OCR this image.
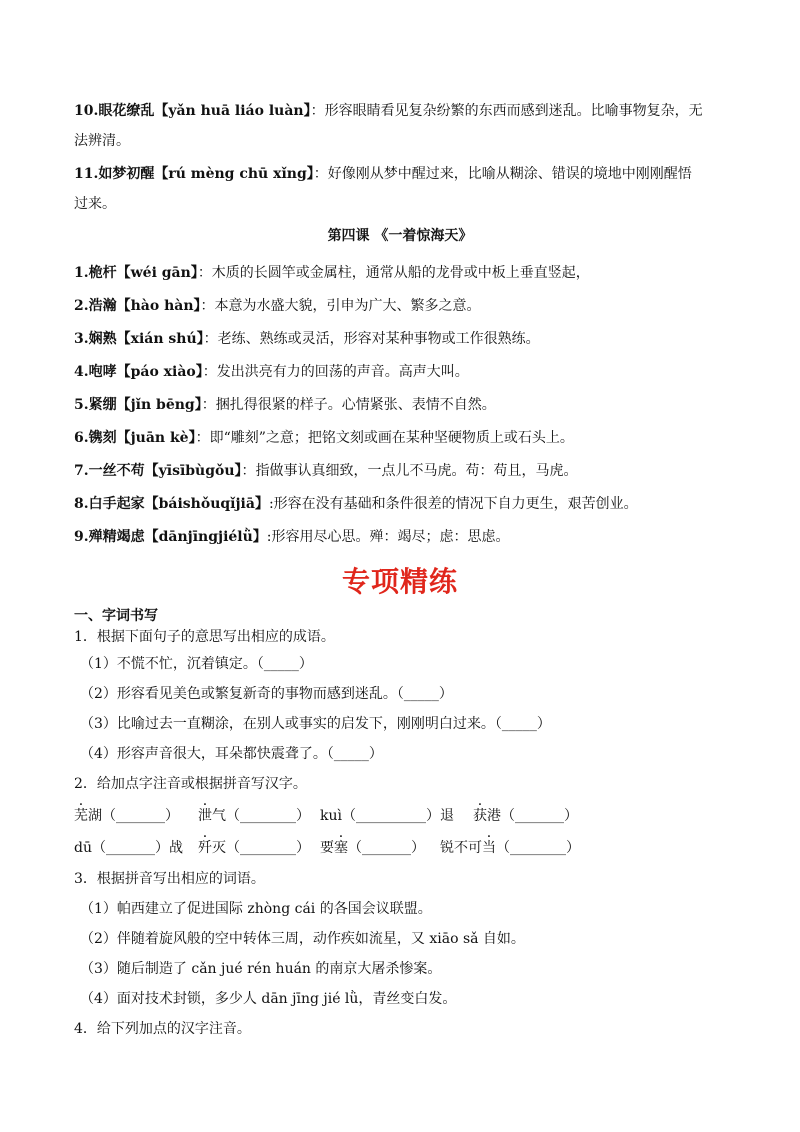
10.眼花缭乱【yǎn huā liáo luàn】：形容眼睛看见复杂纷繁的东西而感到迷乱。比喻事物复杂，无
法辨清。
11.如梦初醒【rú mèng chū xǐng】：好像刚从梦中醒过来，比喻从糊涂、错误的境地中刚刚醒悟
过来。
第四课 《一着惊海天》
1.桅杆【wéi gān】：木质的长圆竿或金属柱，通常从船的龙骨或中板上垂直竖起，
2.浩瀚【hào hàn】：本意为水盛大貌，引申为广大、繁多之意。
3.娴熟【xián shú】：老练、熟练或灵活，形容对某种事物或工作很熟练。
4.咆哮【páo xiào】：发出洪亮有力的回荡的声音。高声大叫。
5.紧绷【jǐn bēng】：捆扎得很紧的样子。心情紧张、表情不自然。
6.镌刻【juān kè】：即“雕刻”之意；把铭文刻或画在某种坚硬物质上或石头上。
7.一丝不苟【yīsībùgǒu】：指做事认真细致，一点儿不马虎。苟：苟且，马虎。
8.白手起家【báishǒuqǐjiā】:形容在没有基础和条件很差的情况下自力更生，艰苦创业。
9.殚精竭虑【dānjīngjiélǜ】:形容用尽心思。殚：竭尽；虑：思虑。
专项精练
一、字词书写
1．根据下面句子的意思写出相应的成语。
（1）不慌不忙，沉着镇定。（_____）
（2）形容看见美色或繁复新奇的事物而感到迷乱。（_____）
（3）比喻过去一直糊涂，在别人或事实的启发下，刚刚明白过来。（_____）
（4）形容声音很大，耳朵都快震聋了。（_____）
2．给加点字注音或根据拼音写汉字。
芜湖（_______） 泄气（________） kuì（__________）退 获港（_______）
dū（_______）战 歼灭（________） 要塞（_______） 锐不可当（________）
3．根据拼音写出相应的词语。
（1）帕西建立了促进国际 zhòng cái 的各国会议联盟。
（2）伴随着旋风般的空中转体三周，动作疾如流星，又 xiāo sǎ 自如。
（3）随后制造了 cǎn jué rén huán 的南京大屠杀惨案。
（4）面对技术封锁，多少人 dān jīng jié lǜ，青丝变白发。
4．给下列加点的汉字注音。
